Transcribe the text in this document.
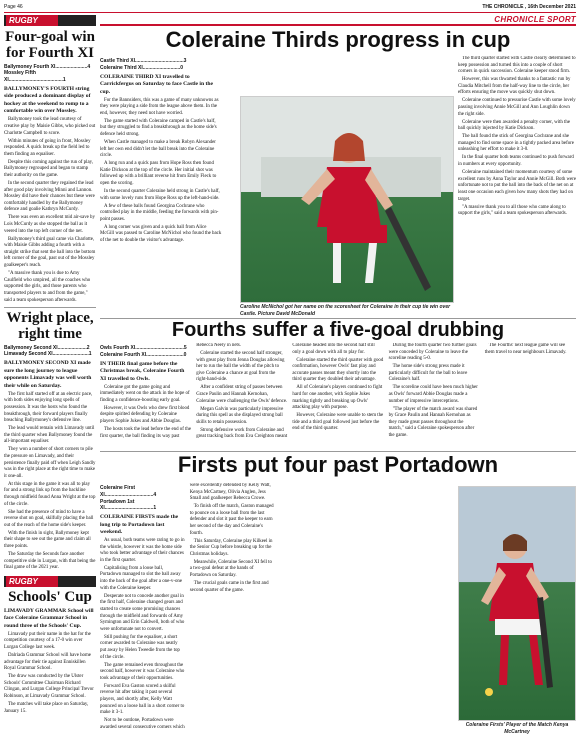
Page 46	THE CHRONICLE , 16th December 2021
RUGBY	CHRONICLE SPORT
Four-goal win for Fourth XI
Ballymoney Fourth XI.......................4
Mossley Fifth XI.......................................1

BALLYMONEY'S FOURTH string side produced a dominant display of hockey at the weekend to romp to a comfortable win over Mossley.

Ballymoney took the lead courtesy of creative play by Maisie Gibbs, who picked out Charlotte Campbell to score.

Within minutes of going in front, Mossley responded. A quick break up the field led to them finding an equaliser.

Despite this coming against the run of play, Ballymoney regrouped and began to stamp their authority on the game.

In the second quarter they regained the lead after good play involving Minni and Lannon. Mossley did have their chances but these were comfortably handled by the Ballymoney defence and goalie Kathryn McCurdy.

There was even an excellent mid air-save by Lois McCurdy as she stopped the ball as it veered into the top left corner of the net.

Ballymoney's third goal came via Charlotte, with Maisie Gibbs adding a fourth with a straight strike that sent the ball into the bottom left corner of the goal, past out of the Mossley goalkeeper's reach.

"A massive thank you is due to Amy Caulfield who umpired, all the coaches who supported the girls, and those parents who transported players to and from the game," said a team spokesperson afterwards.

Wright place, right time
Ballymoney Second XI.....................2
Limavady Second XI..........................1

BALLYMONEY SECOND XI made sure the long journey to league opponents Limavady was well worth their while on Saturday.

The first half started off at an electric pace, with both sides enjoying long spells of possession. It was the hosts who found the breakthrough, their forward players finally breaching Ballymoney's defensive line.

The lead would remain with Limavady until the third quarter when Ballymoney found the all-important equaliser.

They won a number of short corners to pile the pressure on Limavady, and their persistence finally paid off when Leigh Sandly was in the right place at the right time to make it one-all.

At this stage in the game it was all to play for and a strong link up from the backline through midfield found Anna Wright at the top of the circle.

She had the presence of mind to have a reverse shot on goal, skilfully placing the ball out of the reach of the home side's keeper.

With the finish in sight, Ballymoney kept their shape to see out the game and claim all three points.

The Saturday the Seconds face another competitive side in Lurgan, with that being the final game of the 2021 year.

RUGBY
Schools' Cup

LIMAVADY GRAMMAR School will face Coleraine Grammar School in round three of the Schools' Cup.

Limavady put their name in the hat for the competition courtesy of a 17-0 win over Lurgan College last week.

Dalriada Grammar School will have home advantage for their tie against Enniskillen Royal Grammar School.

The draw was conducted by the Ulster Schools' Committee Chairman Richard Clingan, and Lurgan College Principal Trevor Robinson, at Limavady Grammar School.

The matches will take place on Saturday, January 15.

Coleraine Thirds progress in cup
Castle Third XI...................................3
Coleraine Third XI...........................0

COLERAINE THIRD XI travelled to Carrickfergus on Saturday to face Castle in the cup.

For the Bannsiders, this was a game of many unknowns as they were playing a side from the league above them. In the end, however, they need not have worried.

The game started with Coleraine camped in Castle's half, but they struggled to find a breakthrough as the home side's defence held strong.

When Castle managed to make a break Robyn Alexander left her own end didn't let the ball break into the Coleraine circle.

A long run and a quick pass from Hope Ross then found Katie Dickson at the top of the circle. Her initial shot was followed up with a brilliant reverse hit from Emily Fleck to open the scoring.

In the second quarter Coleraine held strong in Castle's half, with some lovely runs from Hope Ross up the left-hand-side.

A few of these balls found Georgina Cochrane who controlled play in the middle, feeding the forwards with pin-point passes.

A long corner was given and a quick ball from Alice McGill was passed to Caroline McNichol who found the back of the net to double the visitor's advantage.

The third quarter started with Castle clearly determined to keep possession and turned this into a couple of short corners in quick succession. Coleraine keeper stood firm.

However, this was thwarted thanks to a fantastic run by Claudia Mitchell from the half-way line to the circle, her efforts ensuring the move was quickly shut down.

Coleraine continued to pressurise Castle with some lovely passing involving Annie McGill and Ann Loughlin down the right side.

Coleraine were then awarded a penalty corner, with the ball quickly injected by Katie Dickson.

The ball found the stick of Georgina Cochrane and she managed to find some space in a tightly packed area before unleashing her effort to make it 3-0.

In the final quarter both teams continued to push forward in numbers at every opportunity.

Coleraine maintained their momentum courtesy of some excellent runs by Anna Taylor and Annie McGill. Both were unfortunate not to put the ball into the back of the net on at least one occasion each given how many shots they had on target.

"A massive thank you to all those who came along to support the girls," said a team spokesperson afterwards.

Caroline McNichol got her name on the scoresheet for Coleraine in their cup tie win over Castle. Picture David McDonald
Fourths suffer a five-goal drubbing
Owls Fourth XI...................................5
Coleraine Fourth XI...........................0

IN THEIR final game before the Christmas break, Coleraine Fourth XI travelled to Owls.

Coleraine got the game going and immediately went on the attack in the hope of finding a confidence-boosting early goal.

However, it was Owls who drew first blood despite spirited defending by Coleraine players Sophie Jukes and Abbie Douglas.

The hosts took the lead before the end of the first quarter, the ball finding its way past Rebecca Neely in nets.

Coleraine started the second half stronger, with great play from Jenna Douglas allowing her to run the ball the width of the pitch to give Coleraine a chance at goal from the right-hand-side.

After a confident string of passes between Grace Paulin and Hannah Kernohan, Coleraine were challenging the Owls' defence.

Megan Galvin was particularly impressive during this spell as she displayed strong ball skills to retain possession.

Strong defensive work from Coleraine and great tracking back from Eva Creighton meant Coleraine headed into the second half still only a goal down with all to play for.

Coleraine started the third quarter with good confirmation, however Owls' fast play and accurate passes meant they shortly into the third quarter they doubled their advantage.

All of Coleraine's players continued to fight hard for one another, with Sophie Jukes marking tightly and breaking up Owls' attacking play with purpose.

However, Coleraine were unable to stem the tide and a third goal followed just before the end of the third quarter.

During the fourth quarter two further goals were conceded by Coleraine to leave the scoreline reading 5-0.

The home side's strong press made it particularly difficult for the ball to leave Coleraine's half.

The scoreline could have been much higher as Owls' forward Abbie Douglas made a number of impressive interceptions.

"The player of the match award was shared by Grace Paulin and Hannah Kernohan as they made great passes throughout the match," said a Coleraine spokesperson after the game.

The Fourths' next league game will see them travel to near neighbours Limavady.

Firsts put four past Portadown
Coleraine First XI...................................4
Portadown 1st XI...................................1

COLERAINE FIRSTS made the long trip to Portadown last weekend.

As usual, both teams were raring to go in the whistle, however it was the home side who took better advantage of their chances in the first quarter.

Capitalising from a loose ball, Portadown managed to slot the ball away into the back of the goal after a one-v-one with the Coleraine keeper.

Desperate not to concede another goal in the first half, Coleraine changed gears and started to create some promising chances through the midfield and forwards of Amy Symington and Erin Caldwell, both of who were unfortunate not to convert.

Still pushing for the equaliser, a short corner awarded to Coleraine was neatly put away by Helen Tweedie from the top of the circle.

The game remained even throughout the second half, however it was Coleraine who took advantage of their opportunities.

Forward Eva Gaston scored a skilful reverse hit after taking it past several players, and shortly after, Kelly Watt pounced on a loose ball in a short corner to make it 3-1.

Not to be outdone, Portadown were awarded several consecutive corners which were excellently defended by Kelly Watt, Kenya McCartney, Olivia Anglen, Jess Small and goalkeeper Rebecca Crowe.

To finish off the match, Gaston managed to pounce on a loose ball from the last defender and slot it past the keeper to earn her second of the day and Coleraine's fourth.

This Saturday, Coleraine play Kilkeel in the Senior Cup before breaking up for the Christmas holidays.

Meanwhile, Coleraine Second XI fell to a two-goal defeat at the hands of Portadown on Saturday.

The crucial goals came in the first and second quarter of the game.

Coleraine Firsts' Player of the Match Kenya McCartney
